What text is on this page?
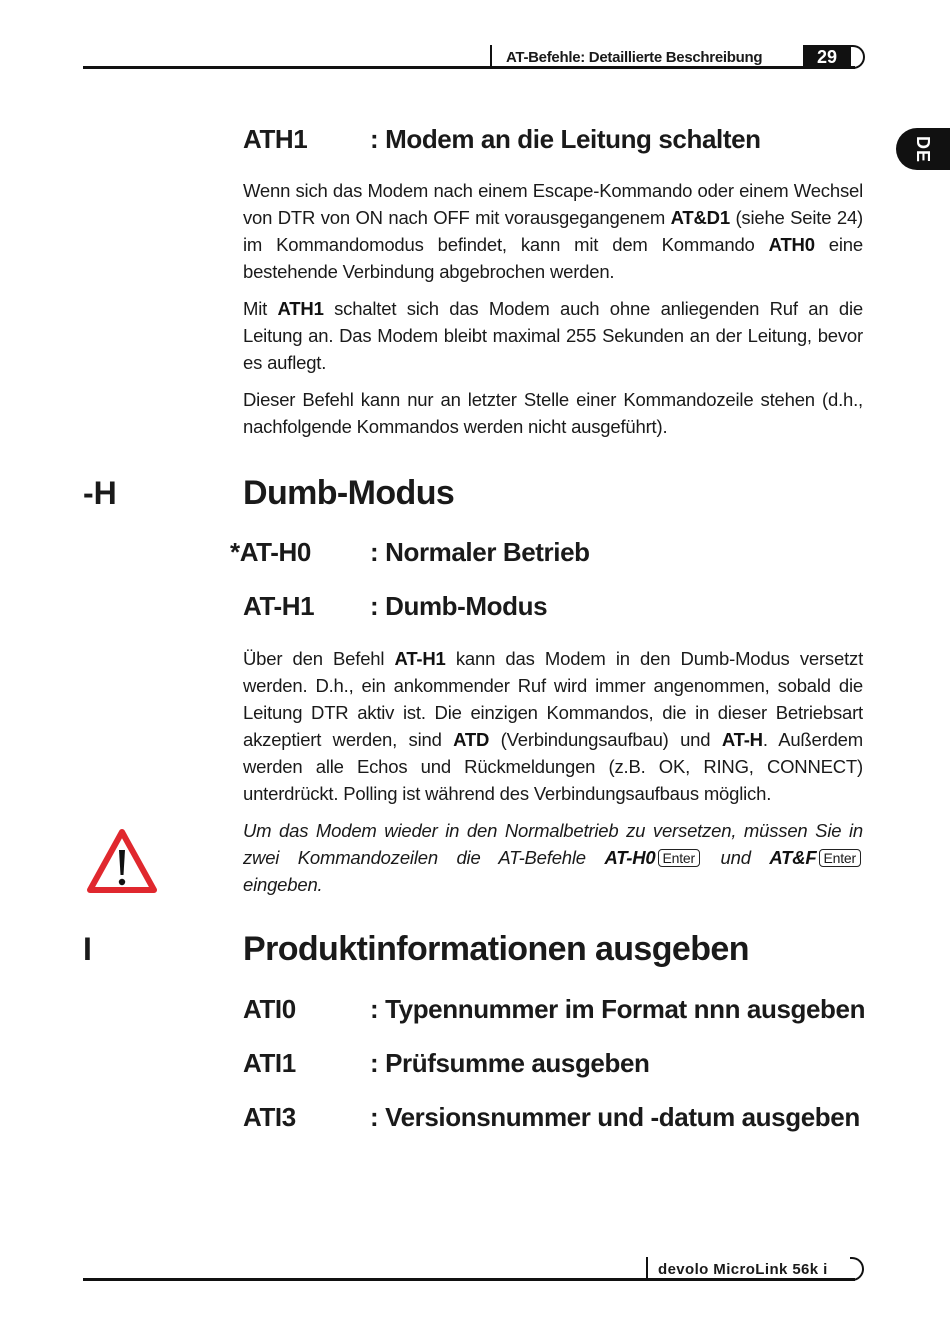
AT-Befehle: Detaillierte Beschreibung	29
DE
ATH1 : Modem an die Leitung schalten

Wenn sich das Modem nach einem Escape-Kommando oder einem Wechsel von DTR von ON nach OFF mit vorausgegangenem AT&D1 (siehe Seite 24) im Kommandomodus befindet, kann mit dem Kommando ATH0 eine bestehende Verbindung abgebrochen werden.

Mit ATH1 schaltet sich das Modem auch ohne anliegenden Ruf an die Leitung an. Das Modem bleibt maximal 255 Sekunden an der Leitung, bevor es auflegt.

Dieser Befehl kann nur an letzter Stelle einer Kommandozeile stehen (d.h., nachfolgende Kommandos werden nicht ausgeführt).

-H	Dumb-Modus
*AT-H0 : Normaler Betrieb
AT-H1 : Dumb-Modus

Über den Befehl AT-H1 kann das Modem in den Dumb-Modus versetzt werden. D.h., ein ankommender Ruf wird immer angenommen, sobald die Leitung DTR aktiv ist. Die einzigen Kommandos, die in dieser Betriebsart akzeptiert werden, sind ATD (Verbindungsaufbau) und AT-H. Außerdem werden alle Echos und Rückmeldungen (z.B. OK, RING, CONNECT) unterdrückt. Polling ist während des Verbindungsaufbaus möglich.

Um das Modem wieder in den Normalbetrieb zu versetzen, müssen Sie in zwei Kommandozeilen die AT-Befehle AT-H0 Enter und AT&F Enter eingeben.

I	Produktinformationen ausgeben
ATI0	: Typennummer im Format nnn ausgeben
ATI1	: Prüfsumme ausgeben
ATI3	: Versionsnummer und -datum ausgeben
devolo MicroLink 56k i
